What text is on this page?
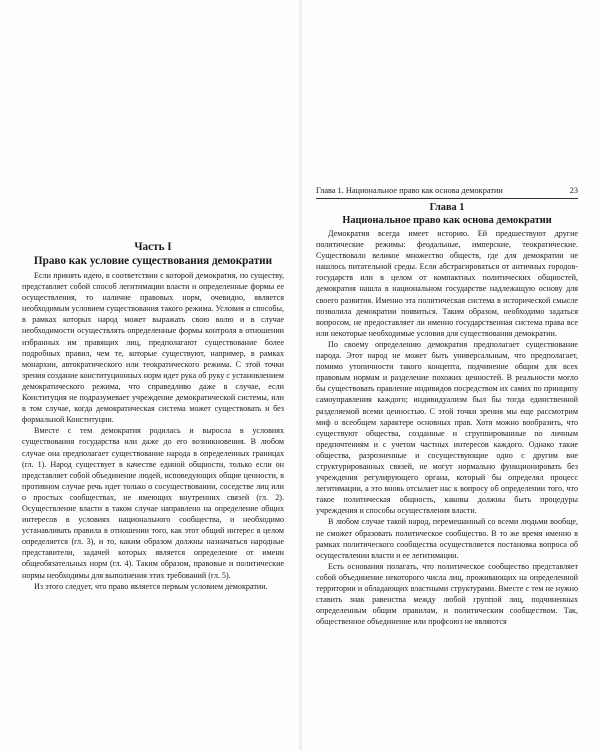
Часть I
Право как условие существования демократии

Если принять идею, в соответствии с которой демократия, по существу, представляет собой способ легитимации власти и определенные формы ее осуществления, то наличие правовых норм, очевидно, является необходимым условием существования такого режима. Условия и способы, в рамках которых народ может выражать свою волю и в случае необходимости осуществлять определенные формы контроля в отношении избранных им правящих лиц, предполагают существование более подробных правил, чем те, которые существуют, например, в рамках монархии, автократического или теократического режима. С этой точки зрения создание конституционных норм идет рука об руку с установлением демократического режима, что справедливо даже в случае, если Конституция не подразумевает учреждение демократической системы, или в том случае, когда демократическая система может существовать и без формальной Конституции.

Вместе с тем демократия родилась и выросла в условиях существования государства или даже до его возникновения. В любом случае она предполагает существование народа в определенных границах (гл. 1). Народ существует в качестве единой общности, только если он представляет собой объединение людей, исповедующих общие ценности, в противном случае речь идет только о сосуществовании, соседстве лиц или о простых сообществах, не имеющих внутренних связей (гл. 2). Осуществление власти в таком случае направлено на определение общих интересов в условиях национального сообщества, и необходимо устанавливать правила в отношении того, как этот общий интерес в целом определяется (гл. 3), и то, каким образом должны назначаться народные представители, задачей которых является определение от имени общеобязательных норм (гл. 4). Таким образом, правовые и политические нормы необходимы для выполнения этих требований (гл. 5).

Из этого следует, что право является первым условием демократии.

Глава 1. Национальное право как основа демократии	23
Глава 1
Национальное право как основа демократии

Демократия всегда имеет историю. Ей предшествуют другие политические режимы: феодальные, имперские, теократические. Существовало великое множество обществ, где для демократии не нашлось питательной среды. Если абстрагироваться от античных городов-государств или в целом от компактных политических общностей, демократия нашла в национальном государстве надлежащую основу для своего развития. Именно эта политическая система в исторической смысле позволила демократии появиться. Таким образом, необходимо задаться вопросом, не предоставляет ли именно государственная система права все или некоторые необходимые условия для существования демократии.

По своему определению демократия предполагает существование народа. Этот народ не может быть универсальным, что предполагает, помимо утопичности такого концепта, подчинение общим для всех правовым нормам и разделение похожих ценностей. В реальности могло бы существовать правление индивидов посредством их самих по принципу самоуправления каждого; индивидуализм был бы тогда единственной разделяемой всеми ценностью. С этой точки зрения мы еще рассмотрим миф о всеобщем характере основных прав. Хотя можно вообразить, что существуют общества, созданные и сгруппированные по личным предпочтениям и с учетом частных интересов каждого. Однако такие общества, разрозненные и сосуществующие одно с другим вне структурированных связей, не могут нормально функционировать без учреждения регулирующего органа, который бы определял процесс легитимации, а это вновь отсылает нас к вопросу об определении того, что такое политическая общность, каковы должны быть процедуры учреждения и способы осуществления власти.

В любом случае такой народ, перемешанный со всеми людьми вообще, не сможет образовать политическое сообщество. В то же время именно в рамках политического сообщества осуществляется постановка вопроса об осуществлении власти и ее легитимации.

Есть основания полагать, что политическое сообщество представляет собой объединение некоторого числа лиц, проживающих на определенной территории и обладающих властными структурами. Вместе с тем не нужно ставить знак равенства между любой группой лиц, подчиненных определенным общим правилам, и политическим сообществом. Так, общественное объединение или профсоюз не являются
